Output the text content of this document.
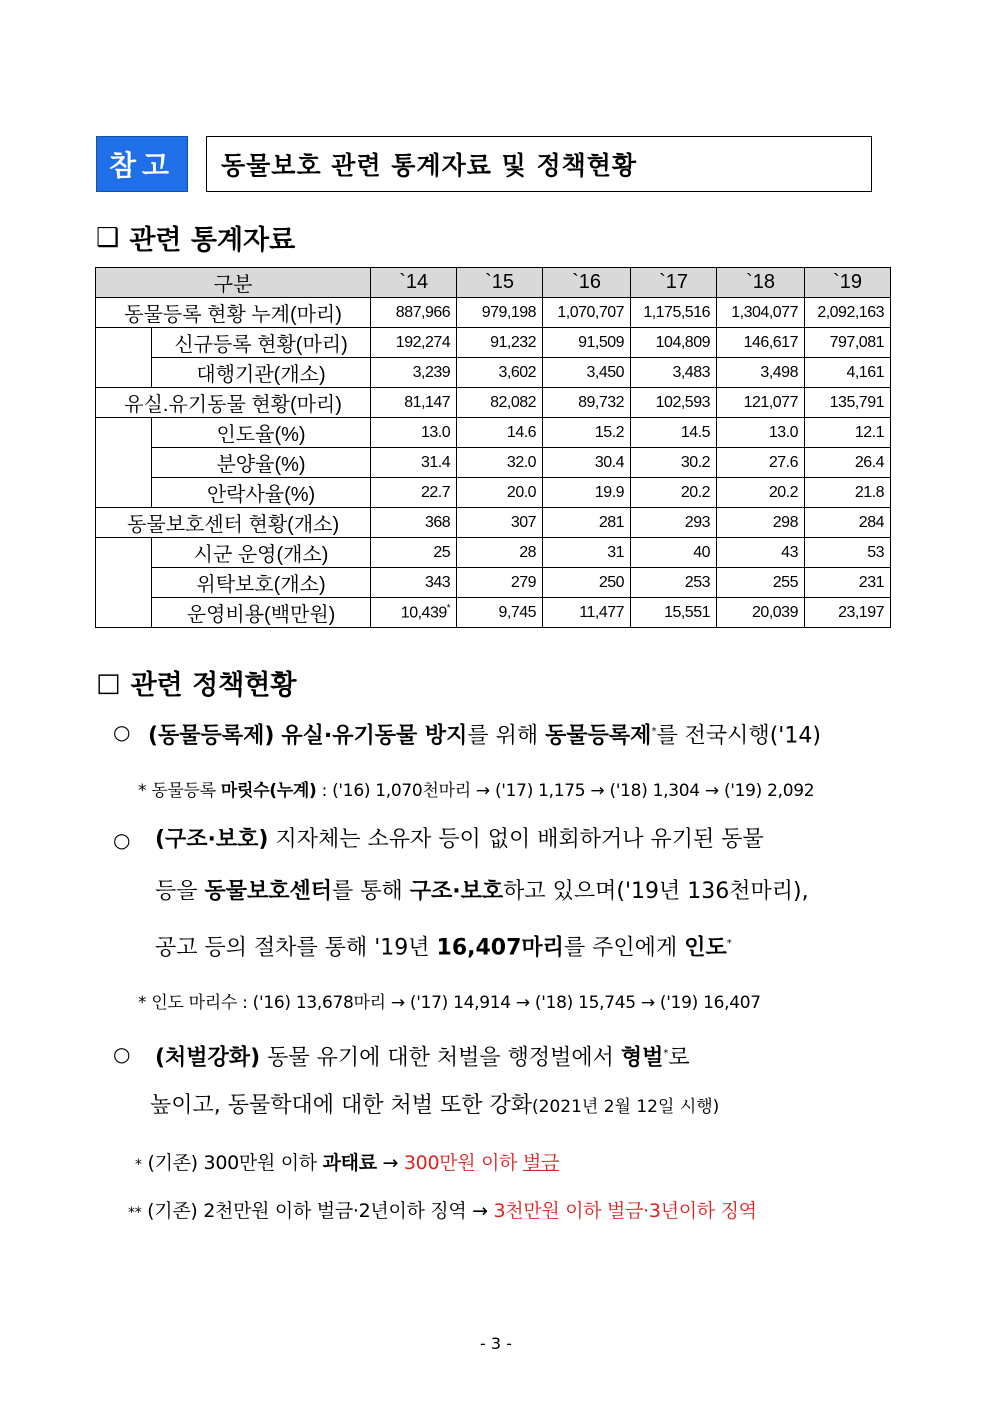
참고	동물보호 관련 통계자료 및 정책현황
❑ 관련 통계자료
구분		`14	`15	`16	`17	`18	`19
동물등록 현황 누계(마리)		887,966	979,198	1,070,707	1,175,516	1,304,077	2,092,163
	신규등록 현황(마리)	192,274	91,232	91,509	104,809	146,617	797,081
	대행기관(개소)	3,239	3,602	3,450	3,483	3,498	4,161
유실.유기동물 현황(마리)		81,147	82,082	89,732	102,593	121,077	135,791
	인도율(%)	13.0	14.6	15.2	14.5	13.0	12.1
	분양율(%)	31.4	32.0	30.4	30.2	27.6	26.4
	안락사율(%)	22.7	20.0	19.9	20.2	20.2	21.8
동물보호센터 현황(개소)		368	307	281	293	298	284
	시군 운영(개소)	25	28	31	40	43	53
	위탁보호(개소)	343	279	250	253	255	231
	운영비용(백만원)	10,439*	9,745	11,477	15,551	20,039	23,197
□ 관련 정책현황
○ (동물등록제) 유실·유기동물 방지를 위해 동물등록제*를 전국시행('14)
* 동물등록 마릿수(누계) : ('16) 1,070천마리 → ('17) 1,175 → ('18) 1,304 → ('19) 2,092
○ (구조·보호) 지자체는 소유자 등이 없이 배회하거나 유기된 동물
등을 동물보호센터를 통해 구조·보호하고 있으며('19년 136천마리),
공고 등의 절차를 통해 '19년 16,407마리를 주인에게 인도*
* 인도 마리수 : ('16) 13,678마리 → ('17) 14,914 → ('18) 15,745 → ('19) 16,407
○ (처벌강화) 동물 유기에 대한 처벌을 행정벌에서 형벌*로
높이고, 동물학대에 대한 처벌 또한 강화(2021년 2월 12일 시행)
* (기존) 300만원 이하 과태료 → 300만원 이하 벌금
** (기존) 2천만원 이하 벌금·2년이하 징역 → 3천만원 이하 벌금·3년이하 징역
- 3 -
